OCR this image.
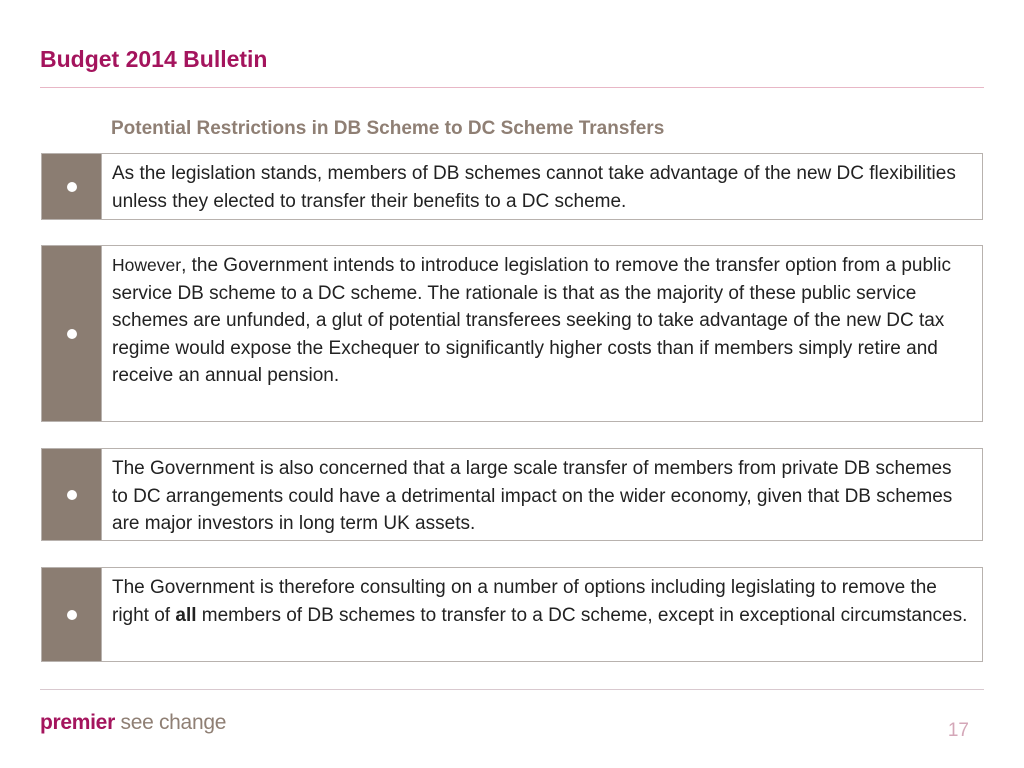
Budget 2014 Bulletin
Potential Restrictions in DB Scheme to DC Scheme Transfers
As the legislation stands, members of DB schemes cannot take advantage of the new DC flexibilities unless they elected to transfer their benefits to a DC scheme.
However, the Government intends to introduce legislation to remove the transfer option from a public service DB scheme to a DC scheme. The rationale is that as the majority of these public service schemes are unfunded, a glut of potential transferees seeking to take advantage of the new DC tax regime would expose the Exchequer to significantly higher costs than if members simply retire and receive an annual pension.
The Government is also concerned that a large scale transfer of members from private DB schemes to DC arrangements could have a detrimental impact on the wider economy, given that DB schemes are major investors in long term UK assets.
The Government is therefore consulting on a number of options including legislating to remove the right of all members of DB schemes to transfer to a DC scheme, except in exceptional circumstances.
premier see change	17
